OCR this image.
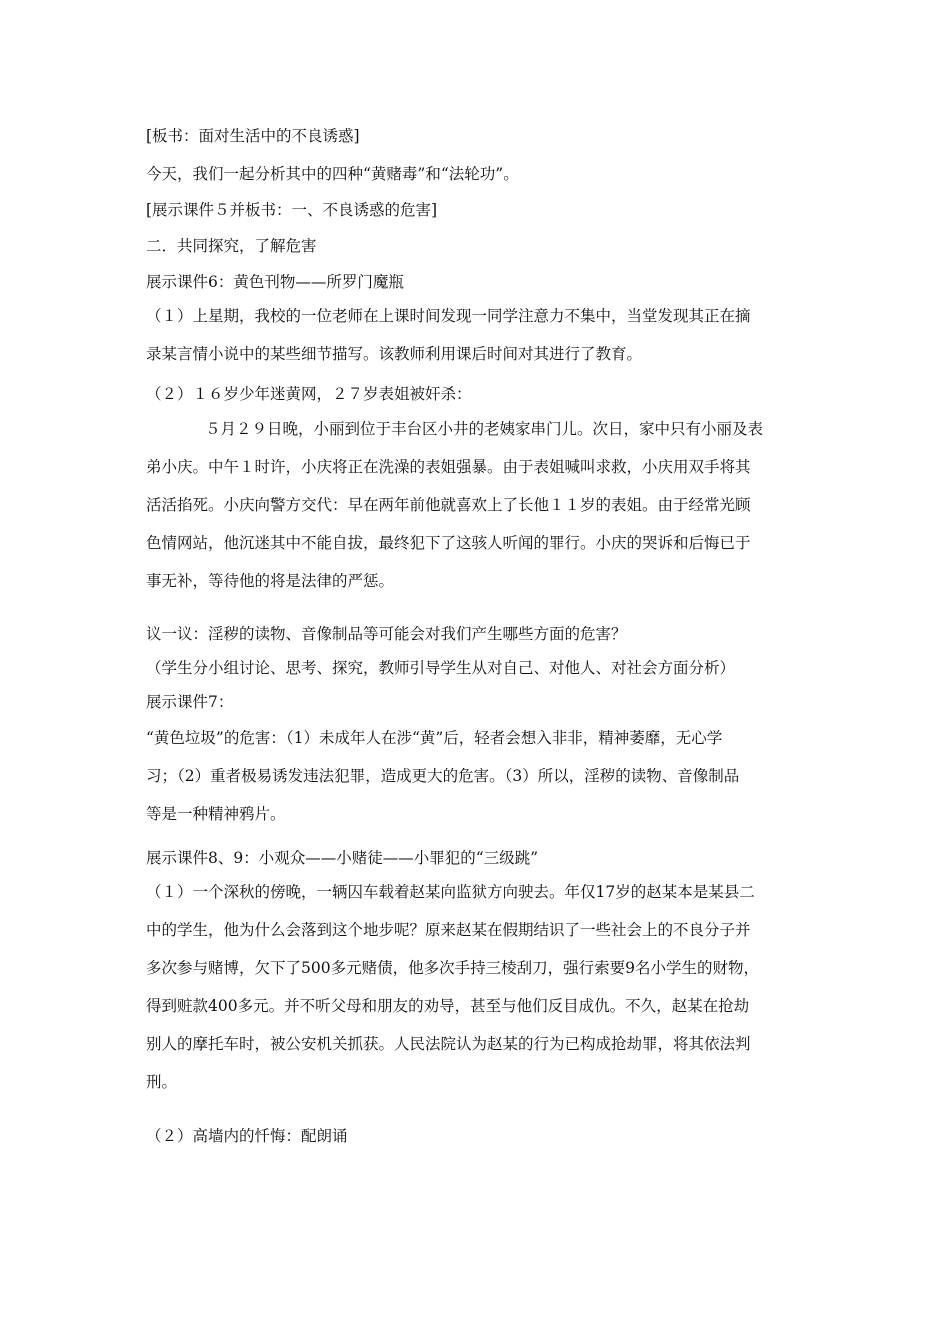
[板书：面对生活中的不良诱惑]
今天，我们一起分析其中的四种“黄赌毒”和“法轮功”。
[展示课件５并板书：一、不良诱惑的危害]
二．共同探究，了解危害
展示课件6：黄色刊物——所罗门魔瓶
（１）上星期，我校的一位老师在上课时间发现一同学注意力不集中，当堂发现其正在摘
录某言情小说中的某些细节描写。该教师利用课后时间对其进行了教育。
（２）１６岁少年迷黄网，２７岁表姐被奸杀：
５月２９日晚，小丽到位于丰台区小井的老姨家串门儿。次日，家中只有小丽及表
弟小庆。中午１时许，小庆将正在洗澡的表姐强暴。由于表姐喊叫求救，小庆用双手将其
活活掐死。小庆向警方交代：早在两年前他就喜欢上了长他１１岁的表姐。由于经常光顾
色情网站，他沉迷其中不能自拔，最终犯下了这骇人听闻的罪行。小庆的哭诉和后悔已于
事无补，等待他的将是法律的严惩。
议一议：淫秽的读物、音像制品等可能会对我们产生哪些方面的危害？
（学生分小组讨论、思考、探究，教师引导学生从对自己、对他人、对社会方面分析）
展示课件7：
“黄色垃圾”的危害：（1）未成年人在涉“黄”后，轻者会想入非非，精神萎靡，无心学
习；（2）重者极易诱发违法犯罪，造成更大的危害。（3）所以，淫秽的读物、音像制品
等是一种精神鸦片。
展示课件8、9：小观众——小赌徒——小罪犯的“三级跳”
（１）一个深秋的傍晚，一辆囚车载着赵某向监狱方向驶去。年仅17岁的赵某本是某县二
中的学生，他为什么会落到这个地步呢？原来赵某在假期结识了一些社会上的不良分子并
多次参与赌博，欠下了500多元赌债，他多次手持三棱刮刀，强行索要9名小学生的财物，
得到赃款400多元。并不听父母和朋友的劝导，甚至与他们反目成仇。不久，赵某在抢劫
别人的摩托车时，被公安机关抓获。人民法院认为赵某的行为已构成抢劫罪，将其依法判
刑。
（２）高墙内的忏悔：配朗诵
